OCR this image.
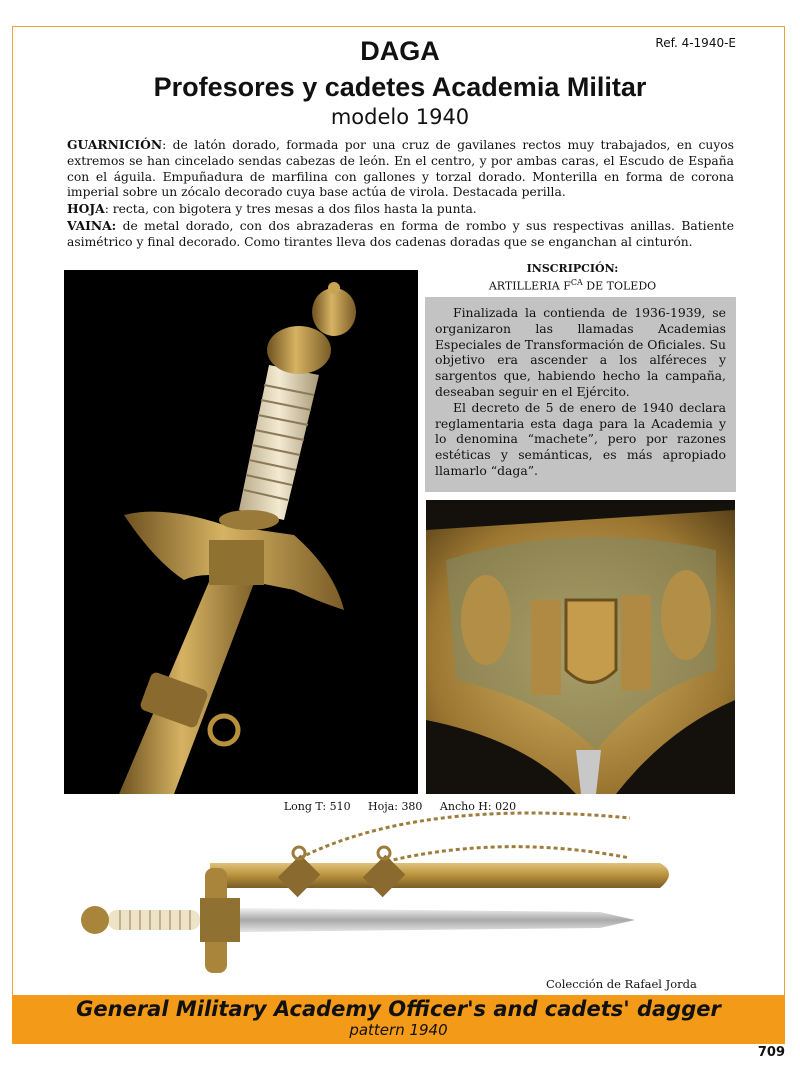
Ref. 4-1940-E
DAGA
Profesores y cadetes Academia Militar
modelo 1940
GUARNICIÓN: de latón dorado, formada por una cruz de gavilanes rectos muy trabajados, en cuyos extremos se han cincelado sendas cabezas de león. En el centro, y por ambas caras, el Escudo de España con el águila. Empuñadura de marfilina con gallones y torzal dorado. Monterilla en forma de corona imperial sobre un zócalo decorado cuya base actúa de virola. Destacada perilla.
HOJA: recta, con bigotera y tres mesas a dos filos hasta la punta.
VAINA: de metal dorado, con dos abrazaderas en forma de rombo y sus respectivas anillas. Batiente asimétrico y final decorado. Como tirantes lleva dos cadenas doradas que se enganchan al cinturón.
INSCRIPCIÓN:
ARTILLERIA $F^{CA}$ DE TOLEDO

Finalizada la contienda de 1936-1939, se organizaron las llamadas Academias Especiales de Transformación de Oficiales. Su objetivo era ascender a los alféreces y sargentos que, habiendo hecho la campaña, deseaban seguir en el Ejército.

El decreto de 5 de enero de 1940 declara reglamentaria esta daga para la Academia y lo denomina “machete”, pero por razones estéticas y semánticas, es más apropiado llamarlo “daga”.

Long T: 510     Hoja: 380     Ancho H: 020
Colección de Rafael Jorda
General Military Academy Officer's and cadets' dagger
pattern 1940
709
